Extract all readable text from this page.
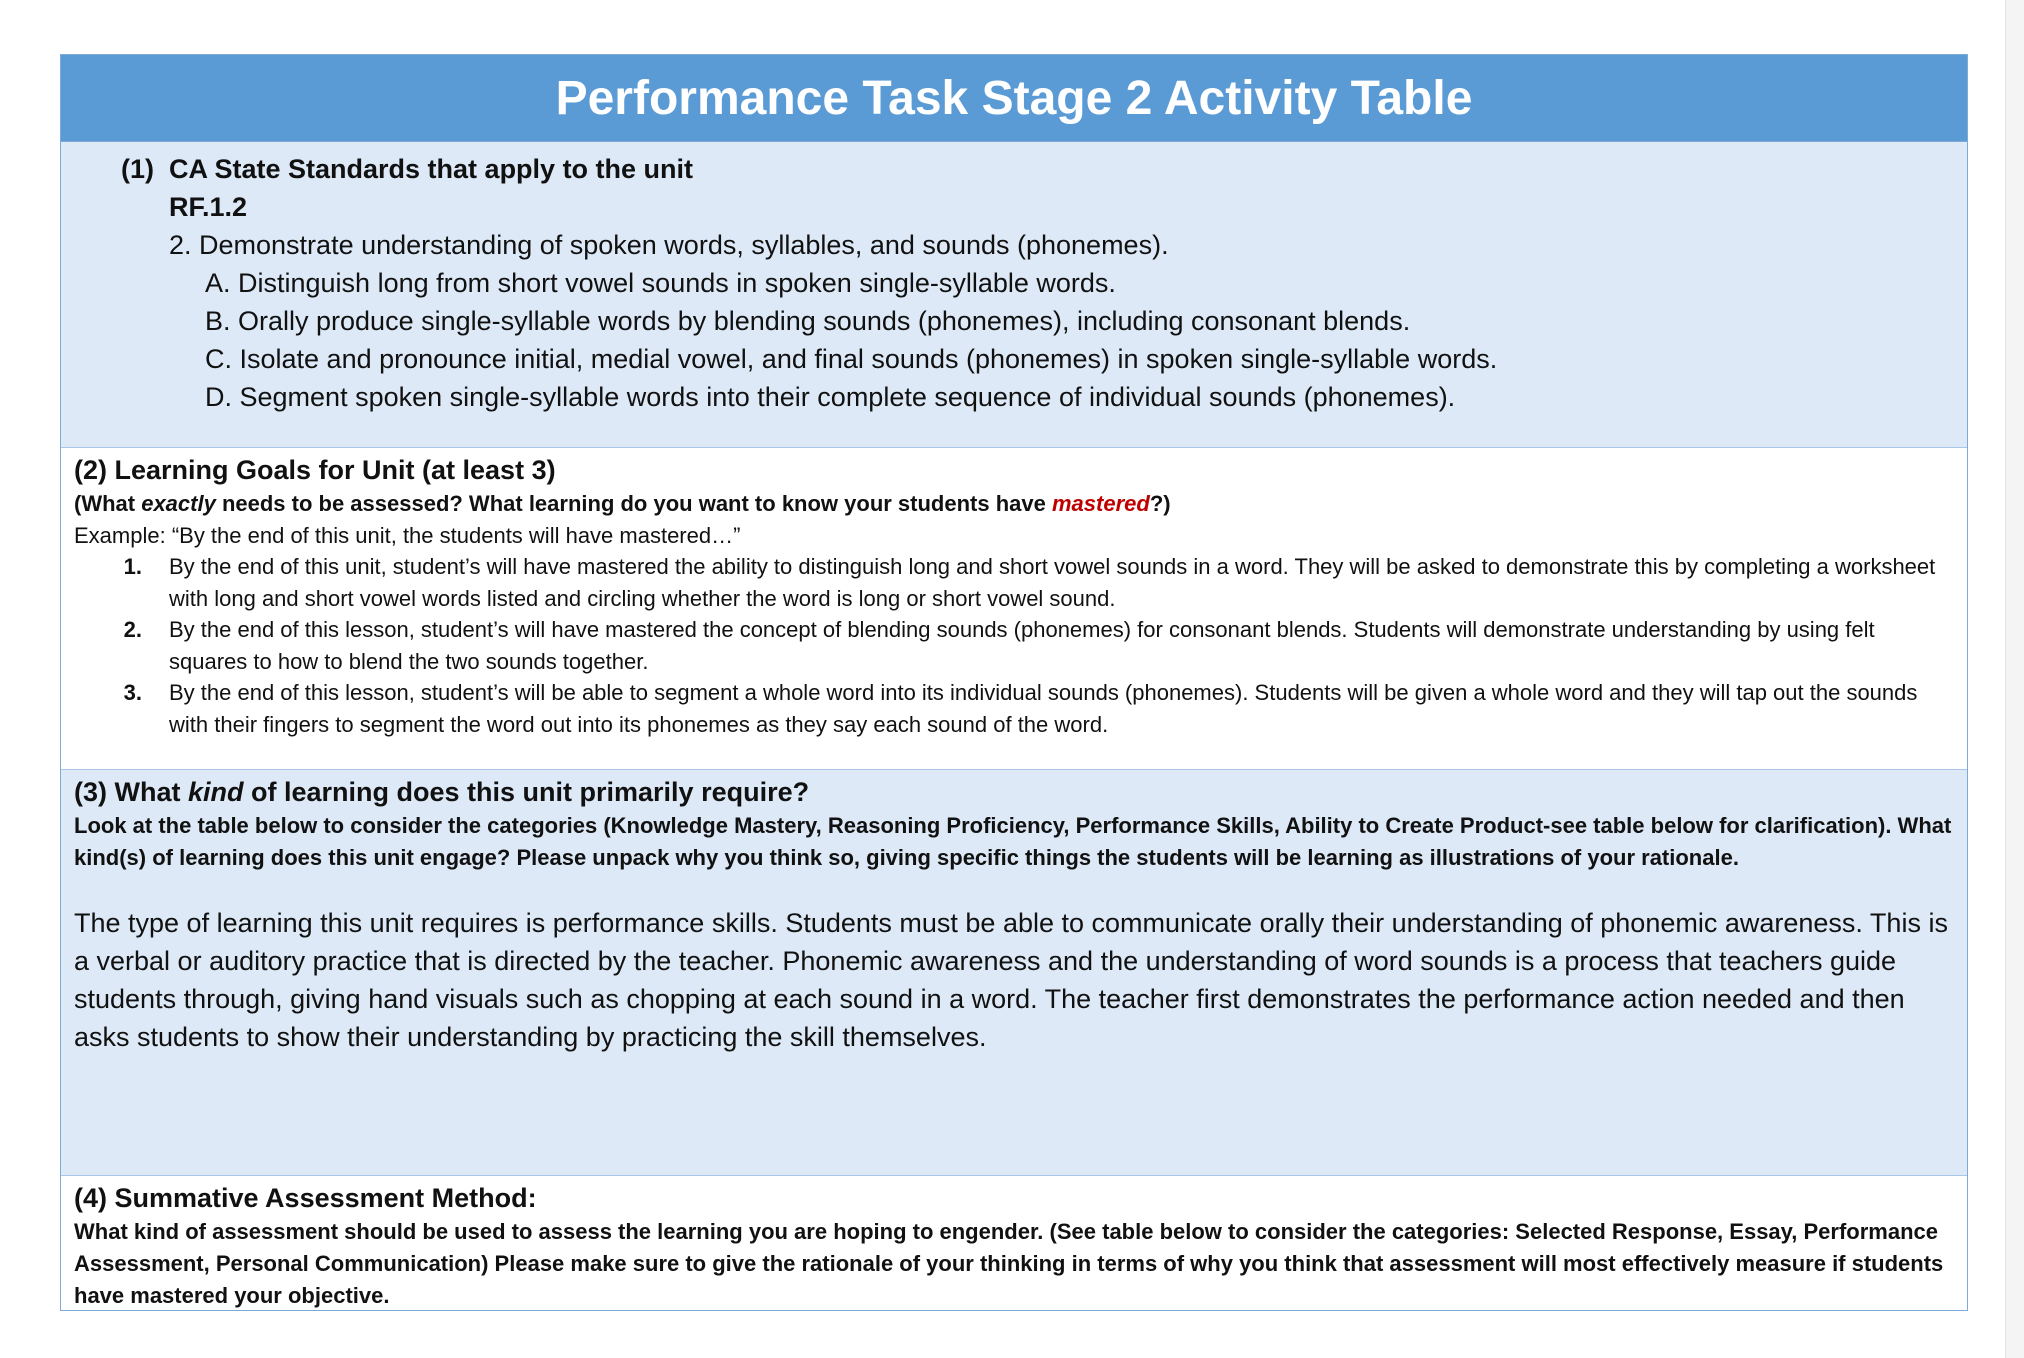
Performance Task Stage 2 Activity Table
(1) CA State Standards that apply to the unit
RF.1.2
2. Demonstrate understanding of spoken words, syllables, and sounds (phonemes).
A. Distinguish long from short vowel sounds in spoken single-syllable words.
B. Orally produce single-syllable words by blending sounds (phonemes), including consonant blends.
C. Isolate and pronounce initial, medial vowel, and final sounds (phonemes) in spoken single-syllable words.
D. Segment spoken single-syllable words into their complete sequence of individual sounds (phonemes).
(2) Learning Goals for Unit (at least 3)
(What exactly needs to be assessed? What learning do you want to know your students have mastered?)
Example: “By the end of this unit, the students will have mastered…”
1.	By the end of this unit, student’s will have mastered the ability to distinguish long and short vowel sounds in a word. They will be asked to demonstrate this by completing a worksheet with long and short vowel words listed and circling whether the word is long or short vowel sound.
2.	By the end of this lesson, student’s will have mastered the concept of blending sounds (phonemes) for consonant blends. Students will demonstrate understanding by using felt squares to how to blend the two sounds together.
3.	By the end of this lesson, student’s will be able to segment a whole word into its individual sounds (phonemes). Students will be given a whole word and they will tap out the sounds with their fingers to segment the word out into its phonemes as they say each sound of the word.
(3) What kind of learning does this unit primarily require?
Look at the table below to consider the categories (Knowledge Mastery, Reasoning Proficiency, Performance Skills, Ability to Create Product-see table below for clarification). What kind(s) of learning does this unit engage? Please unpack why you think so, giving specific things the students will be learning as illustrations of your rationale.
The type of learning this unit requires is performance skills. Students must be able to communicate orally their understanding of phonemic awareness. This is a verbal or auditory practice that is directed by the teacher. Phonemic awareness and the understanding of word sounds is a process that teachers guide students through, giving hand visuals such as chopping at each sound in a word. The teacher first demonstrates the performance action needed and then asks students to show their understanding by practicing the skill themselves.
(4) Summative Assessment Method:
What kind of assessment should be used to assess the learning you are hoping to engender. (See table below to consider the categories: Selected Response, Essay, Performance Assessment, Personal Communication) Please make sure to give the rationale of your thinking in terms of why you think that assessment will most effectively measure if students have mastered your objective.
